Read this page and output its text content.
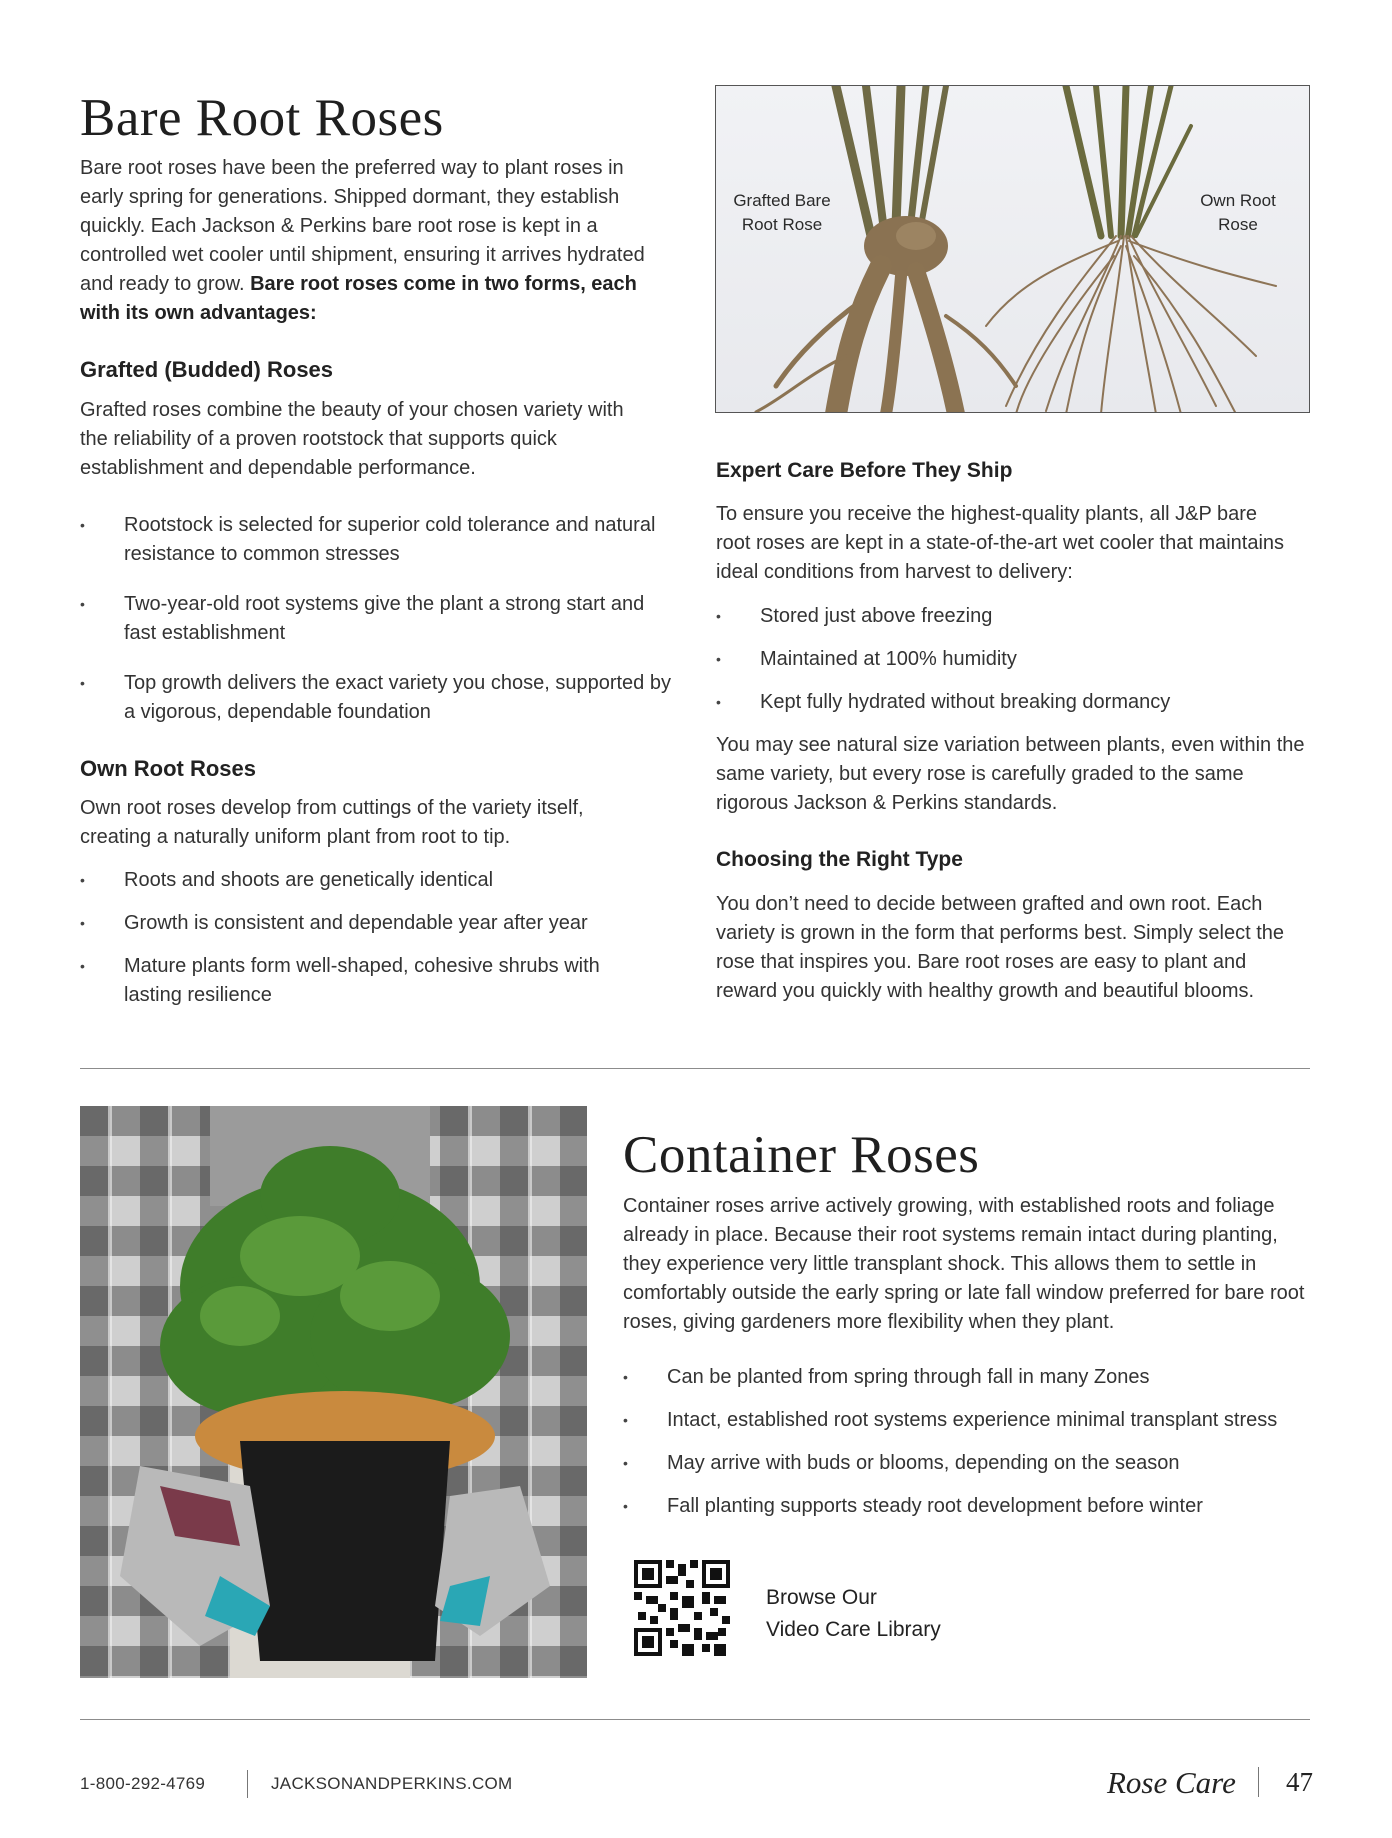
Bare Root Roses

Bare root roses have been the preferred way to plant roses in early spring for generations. Shipped dormant, they establish quickly. Each Jackson & Perkins bare root rose is kept in a controlled wet cooler until shipment, ensuring it arrives hydrated and ready to grow. Bare root roses come in two forms, each with its own advantages:

Grafted (Budded) Roses

Grafted roses combine the beauty of your chosen variety with the reliability of a proven rootstock that supports quick establishment and dependable performance.

• Rootstock is selected for superior cold tolerance and natural resistance to common stresses
• Two-year-old root systems give the plant a strong start and fast establishment
• Top growth delivers the exact variety you chose, supported by a vigorous, dependable foundation
Own Root Roses

Own root roses develop from cuttings of the variety itself, creating a naturally uniform plant from root to tip.

• Roots and shoots are genetically identical
• Growth is consistent and dependable year after year
• Mature plants form well-shaped, cohesive shrubs with lasting resilience
Grafted Bare
Root Rose
Own Root
Rose
Expert Care Before They Ship

To ensure you receive the highest-quality plants, all J&P bare root roses are kept in a state-of-the-art wet cooler that maintains ideal conditions from harvest to delivery:

• Stored just above freezing
• Maintained at 100% humidity
• Kept fully hydrated without breaking dormancy

You may see natural size variation between plants, even within the same variety, but every rose is carefully graded to the same rigorous Jackson & Perkins standards.

Choosing the Right Type

You don’t need to decide between grafted and own root. Each variety is grown in the form that performs best. Simply select the rose that inspires you. Bare root roses are easy to plant and reward you quickly with healthy growth and beautiful blooms.

Container Roses

Container roses arrive actively growing, with established roots and foliage already in place. Because their root systems remain intact during planting, they experience very little transplant shock. This allows them to settle in comfortably outside the early spring or late fall window preferred for bare root roses, giving gardeners more flexibility when they plant.

• Can be planted from spring through fall in many Zones
• Intact, established root systems experience minimal transplant stress
• May arrive with buds or blooms, depending on the season
• Fall planting supports steady root development before winter
Browse Our
Video Care Library
1-800-292-4769	JACKSONANDPERKINS.COM	Rose Care 47
